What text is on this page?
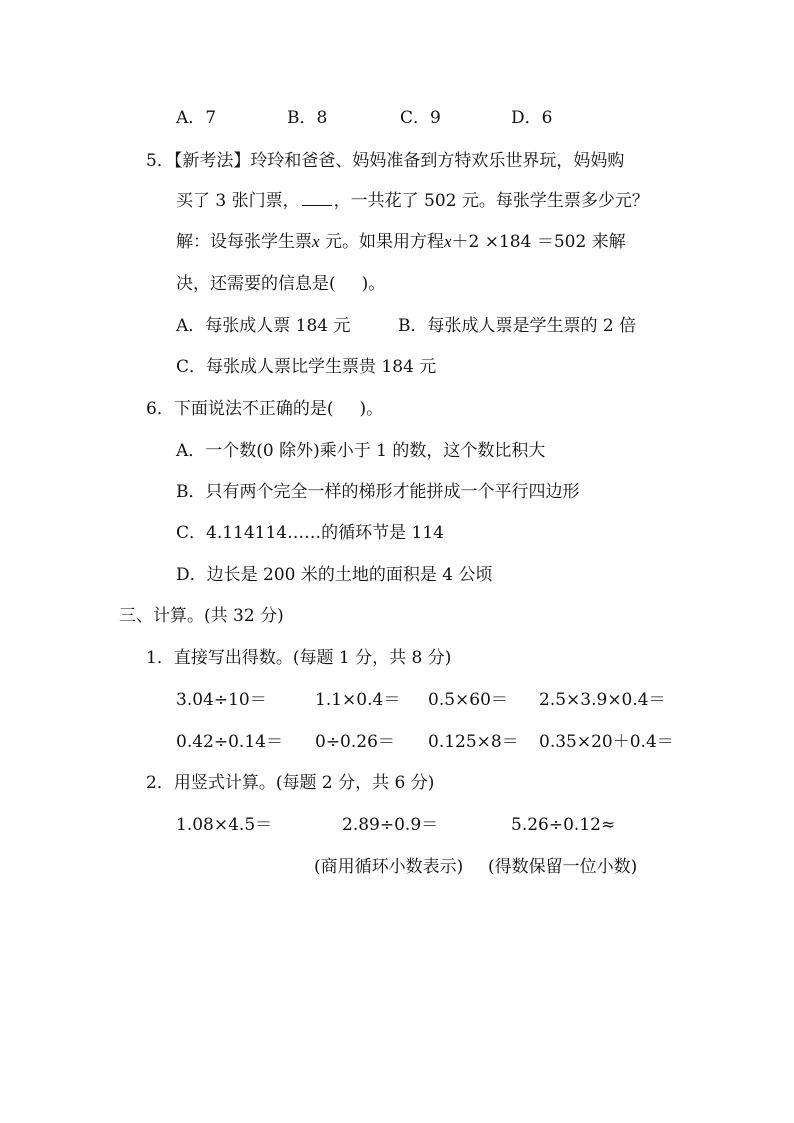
A．7	B．8	C．9	D．6
5．【新考法】玲玲和爸爸、妈妈准备到方特欢乐世界玩，妈妈购
买了 3 张门票， ，一共花了 502 元。每张学生票多少元？
解：设每张学生票x 元。如果用方程x＋2 ×184 ＝502 来解
决，还需要的信息是( )。
A．每张成人票 184 元	B．每张成人票是学生票的 2 倍
C．每张成人票比学生票贵 184 元
6．下面说法不正确的是( )。
A．一个数(0 除外)乘小于 1 的数，这个数比积大
B．只有两个完全一样的梯形才能拼成一个平行四边形
C．4.114114……的循环节是 114
D．边长是 200 米的土地的面积是 4 公顷
三、计算。(共 32 分)
1．直接写出得数。(每题 1 分，共 8 分)
3.04÷10＝	1.1×0.4＝ 0.5×60＝ 2.5×3.9×0.4＝
0.42÷0.14＝ 0÷0.26＝ 0.125×8＝ 0.35×20＋0.4＝
2．用竖式计算。(每题 2 分，共 6 分)
1.08×4.5＝	2.89÷0.9＝	5.26÷0.12≈
(商用循环小数表示) (得数保留一位小数)
